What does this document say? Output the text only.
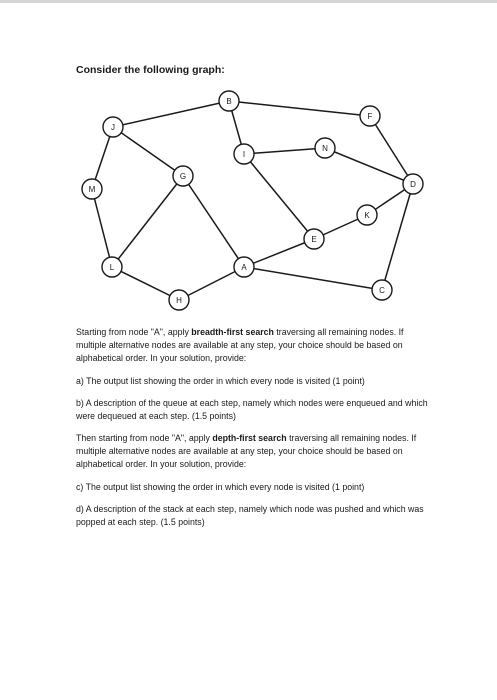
Consider the following graph:

A
B
C
D
E
F
G
H
I
J
K
L
M
N

Starting from node "A", apply breadth-first search traversing all remaining nodes. If multiple alternative nodes are available at any step, your choice should be based on alphabetical order. In your solution, provide:

a) The output list showing the order in which every node is visited (1 point)

b) A description of the queue at each step, namely which nodes were enqueued and which were dequeued at each step. (1.5 points)

Then starting from node "A", apply depth-first search traversing all remaining nodes. If multiple alternative nodes are available at any step, your choice should be based on alphabetical order. In your solution, provide:

c) The output list showing the order in which every node is visited (1 point)

d) A description of the stack at each step, namely which node was pushed and which was popped at each step. (1.5 points)
